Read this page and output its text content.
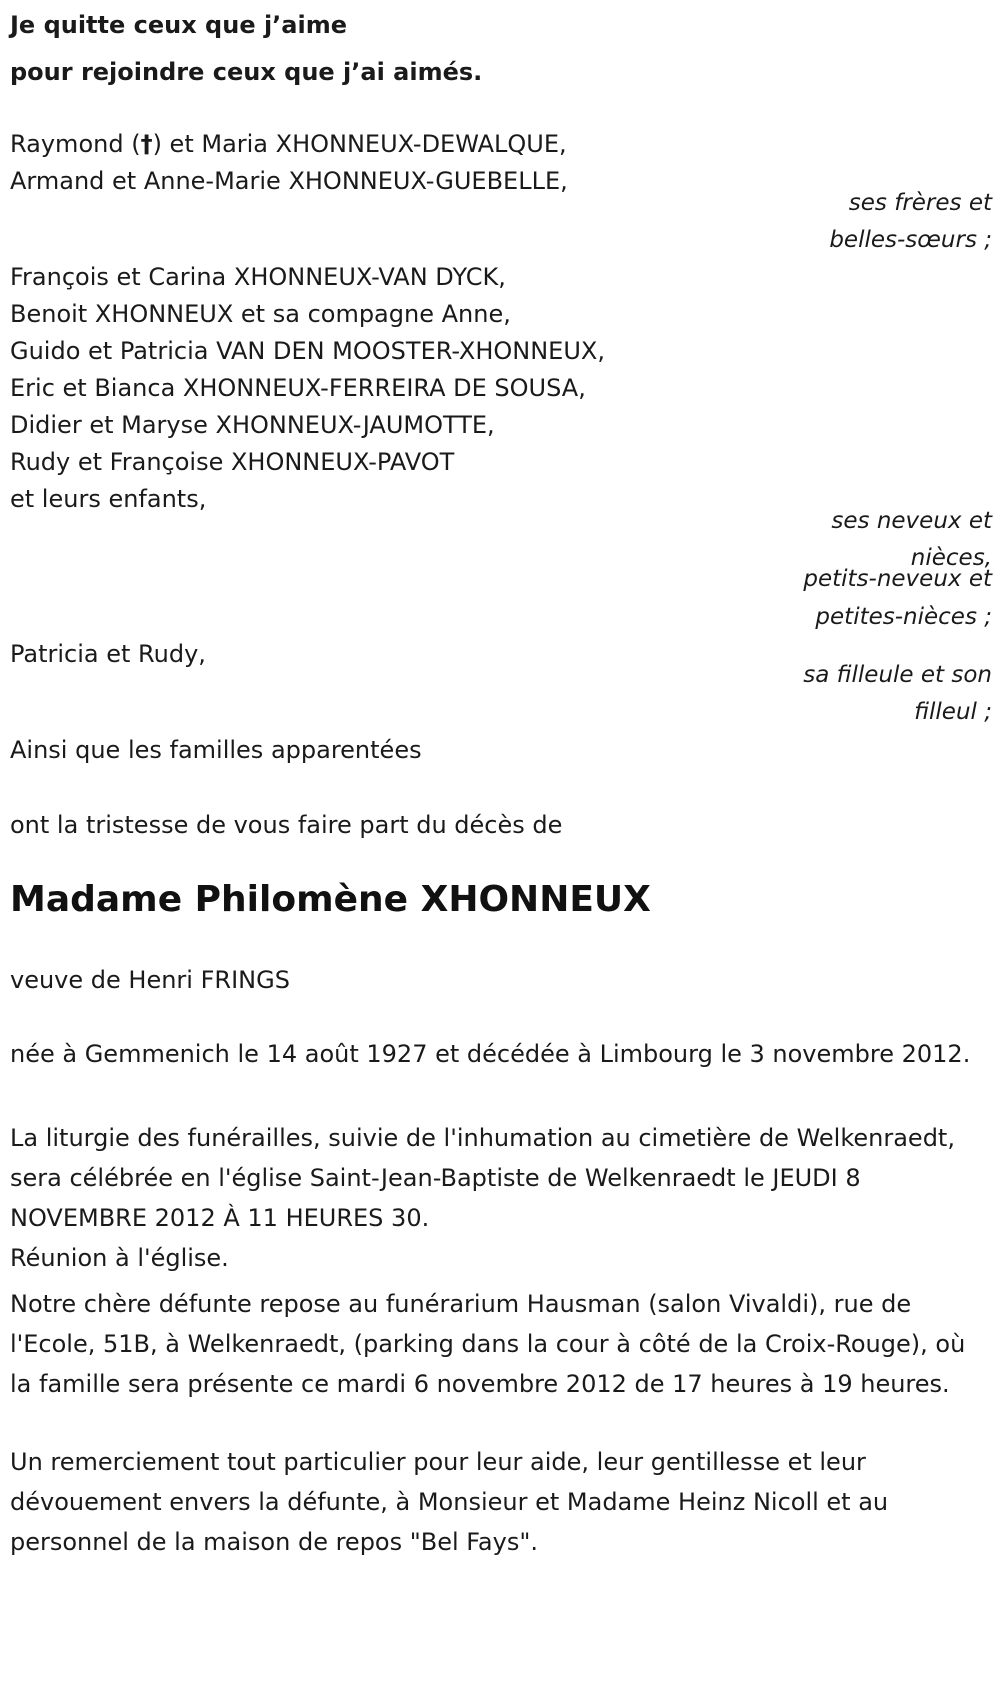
Je quitte ceux que j’aime
pour rejoindre ceux que j’ai aimés.
Raymond (†) et Maria XHONNEUX-DEWALQUE,
Armand et Anne-Marie XHONNEUX-GUEBELLE,
ses frères et
belles-sœurs ;
François et Carina XHONNEUX-VAN DYCK,
Benoit XHONNEUX et sa compagne Anne,
Guido et Patricia VAN DEN MOOSTER-XHONNEUX,
Eric et Bianca XHONNEUX-FERREIRA DE SOUSA,
Didier et Maryse XHONNEUX-JAUMOTTE,
Rudy et Françoise XHONNEUX-PAVOT
et leurs enfants,
ses neveux et
nièces,
petits-neveux et
petites-nièces ;
Patricia et Rudy,
sa filleule et son
filleul ;
Ainsi que les familles apparentées
ont la tristesse de vous faire part du décès de
Madame Philomène XHONNEUX
veuve de Henri FRINGS
née à Gemmenich le 14 août 1927 et décédée à Limbourg le 3 novembre 2012.
La liturgie des funérailles, suivie de l'inhumation au cimetière de Welkenraedt, sera célébrée en l'église Saint-Jean-Baptiste de Welkenraedt le JEUDI 8 NOVEMBRE 2012 À 11 HEURES 30.
Réunion à l'église.
Notre chère défunte repose au funérarium Hausman (salon Vivaldi), rue de l'Ecole, 51B, à Welkenraedt, (parking dans la cour à côté de la Croix-Rouge), où la famille sera présente ce mardi 6 novembre 2012 de 17 heures à 19 heures.
Un remerciement tout particulier pour leur aide, leur gentillesse et leur dévouement envers la défunte, à Monsieur et Madame Heinz Nicoll et au personnel de la maison de repos "Bel Fays".
